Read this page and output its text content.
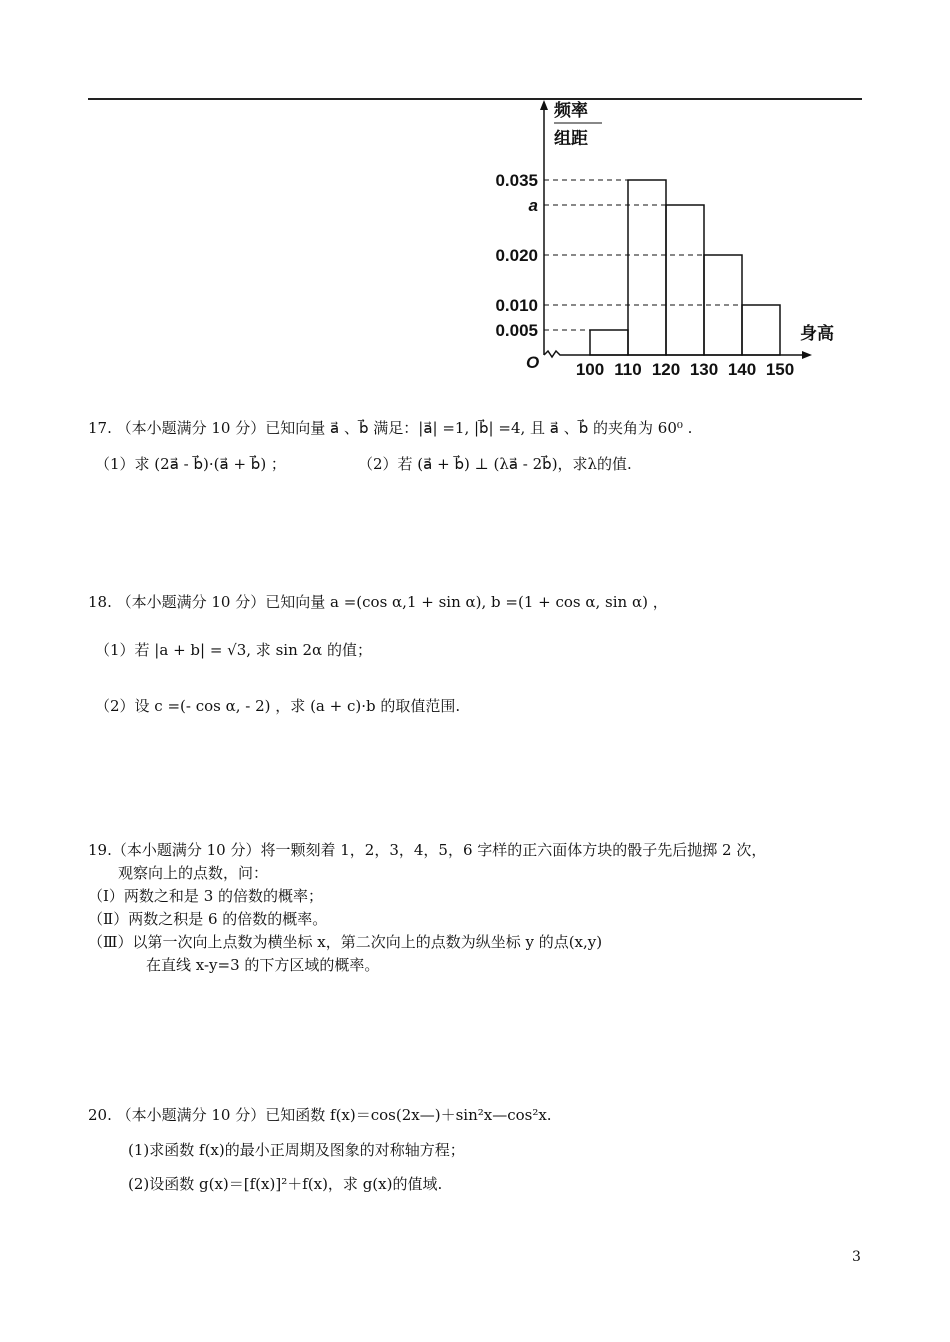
频率
组距
O
身高
0.035
a
0.020
0.010
0.005
100 110 120 130 140 150
17. （本小题满分 10 分）已知向量 a⃗ 、b⃗ 满足：|a⃗| =1, |b⃗| =4, 且 a⃗ 、b⃗ 的夹角为 60⁰ .
（1）求 (2a⃗ - b⃗)·(a⃗ + b⃗) ；	（2）若 (a⃗ + b⃗) ⊥ (λa⃗ - 2b⃗)，求λ的值.
18. （本小题满分 10 分）已知向量 a =(cos α,1 + sin α), b =(1 + cos α, sin α) ，
（1）若 |a + b| = √3, 求 sin 2α 的值；
（2）设 c =(- cos α, - 2) ，求 (a + c)·b 的取值范围.
19.（本小题满分 10 分）将一颗刻着 1，2，3，4，5，6 字样的正六面体方块的骰子先后抛掷 2 次，
观察向上的点数，问：
（Ⅰ）两数之和是 3 的倍数的概率；
（Ⅱ）两数之积是 6 的倍数的概率。
（Ⅲ）以第一次向上点数为横坐标 x，第二次向上的点数为纵坐标 y 的点(x,y)
在直线 x-y=3 的下方区域的概率。
20. （本小题满分 10 分）已知函数 f(x)＝cos(2x—)＋sin²x—cos²x.
(1)求函数 f(x)的最小正周期及图象的对称轴方程；
(2)设函数 g(x)＝[f(x)]²＋f(x)，求 g(x)的值域.
3
